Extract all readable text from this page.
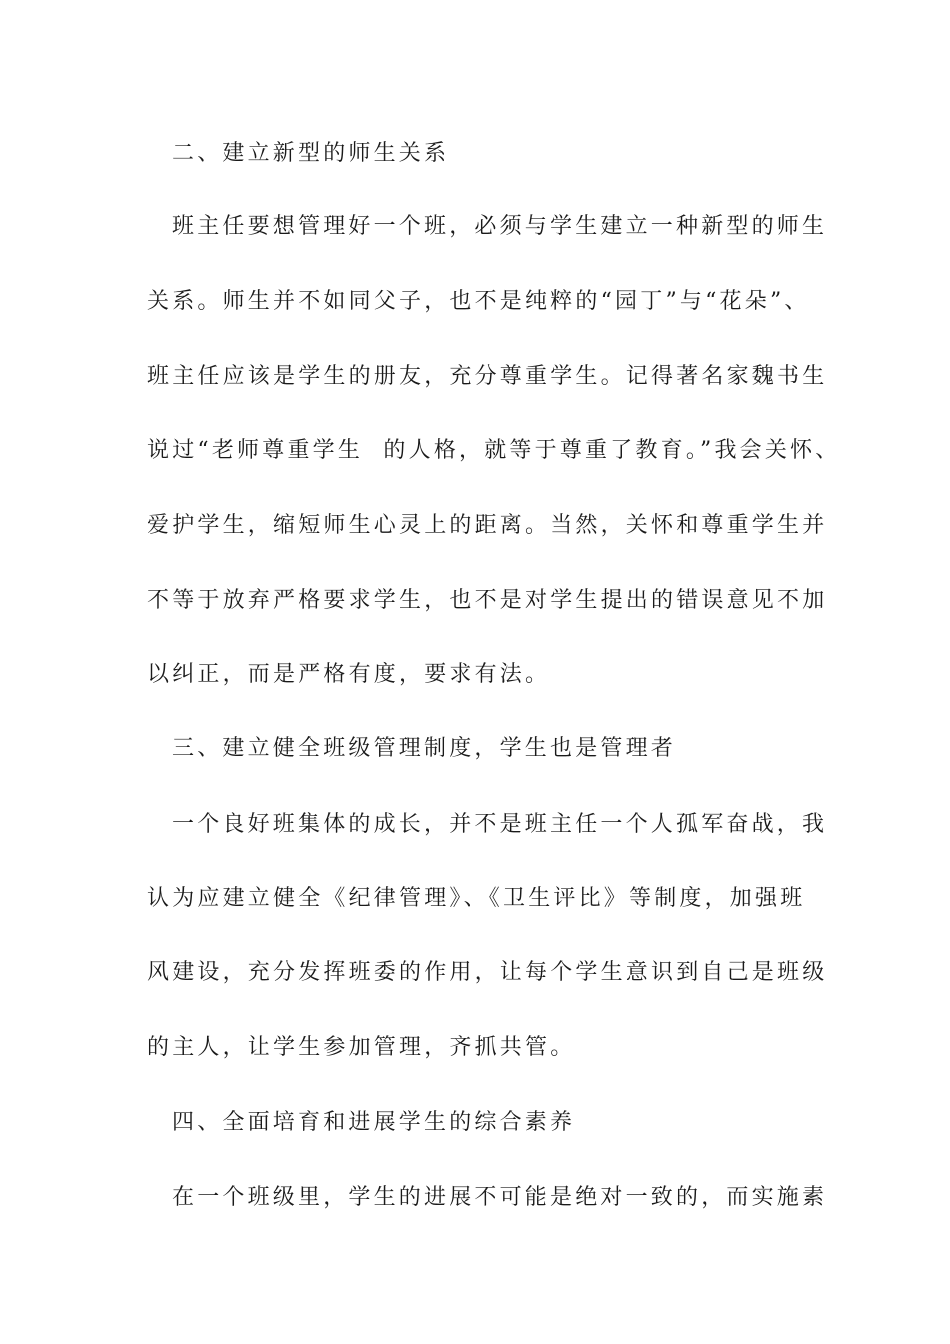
二、建立新型的师生关系
班主任要想管理好一个班，必须与学生建立一种新型的师生
关系。师生并不如同父子，也不是纯粹的“园丁”与“花朵”、
班主任应该是学生的册友，充分尊重学生。记得著名家魏书生
说过“老师尊重学生  的人格，就等于尊重了教育。”我会关怀、
爱护学生，缩短师生心灵上的距离。当然，关怀和尊重学生并
不等于放弃严格要求学生，也不是对学生提出的错误意见不加
以纠正，而是严格有度，要求有法。
三、建立健全班级管理制度，学生也是管理者
一个良好班集体的成长，并不是班主任一个人孤军奋战，我
认为应建立健全《纪律管理》、《卫生评比》等制度，加强班
风建设，充分发挥班委的作用，让每个学生意识到自己是班级
的主人，让学生参加管理，齐抓共管。
四、全面培育和进展学生的综合素养
在一个班级里，学生的进展不可能是绝对一致的，而实施素
